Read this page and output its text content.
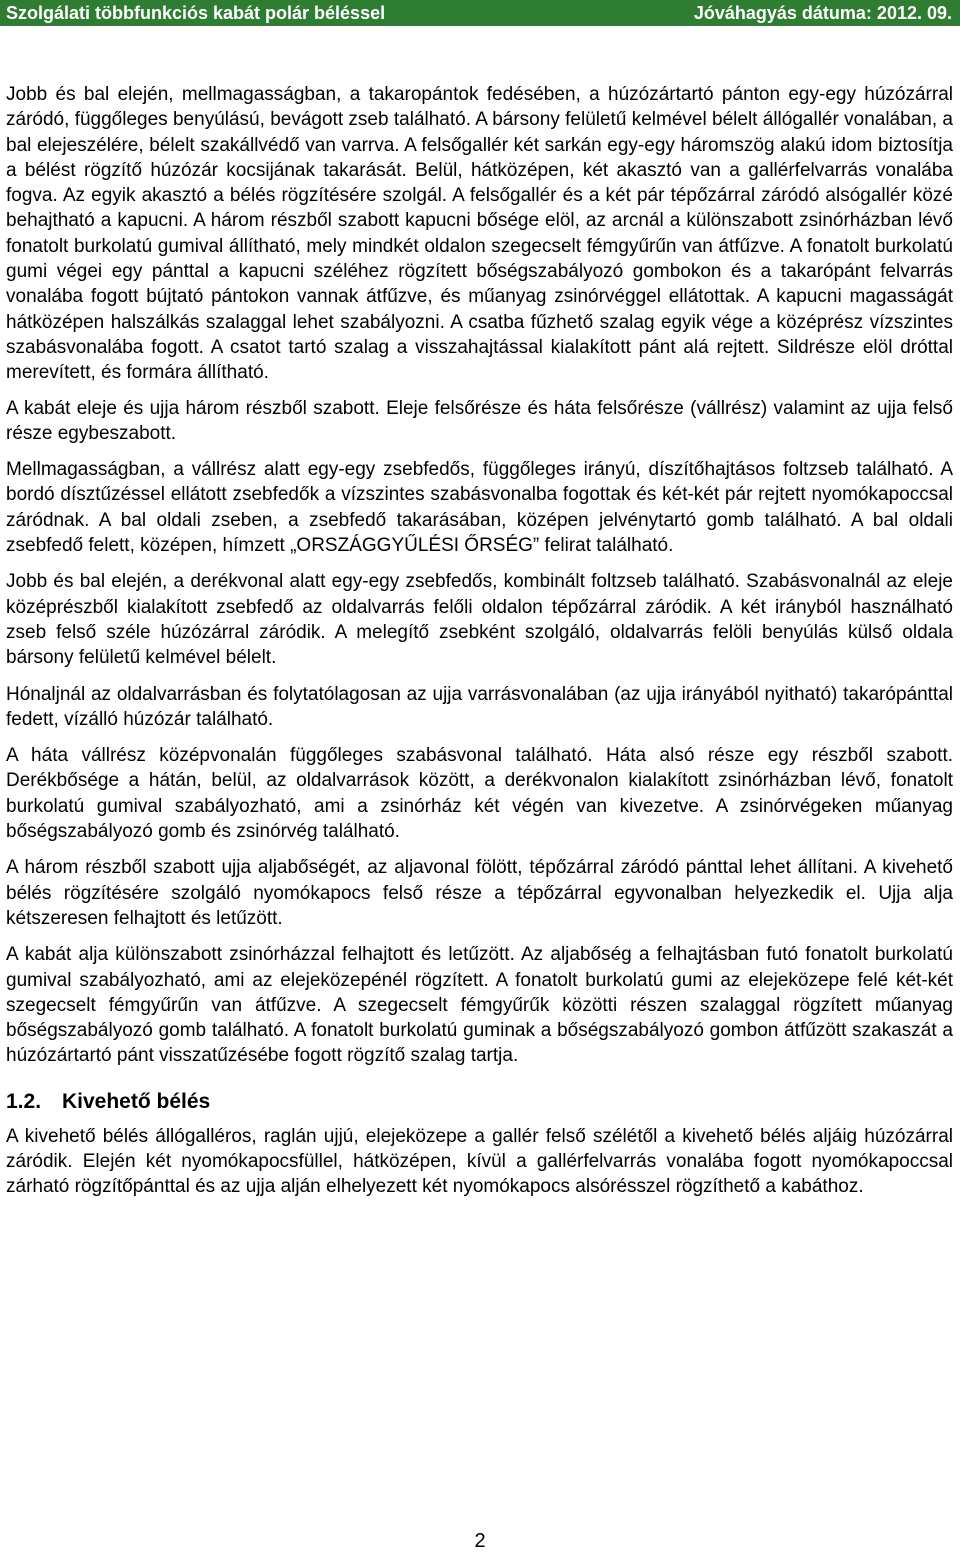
Szolgálati többfunkciós kabát polár béléssel	Jóváhagyás dátuma: 2012. 09.

Jobb és bal elején, mellmagasságban, a takaropántok fedésében, a húzózártartó pánton egy-egy húzózárral záródó, függőleges benyúlású, bevágott zseb található. A bársony felületű kelmével bélelt állógallér vonalában, a bal elejeszélére, bélelt szakállvédő van varrva. A felsőgallér két sarkán egy-egy háromszög alakú idom biztosítja a bélést rögzítő húzózár kocsijának takarását. Belül, hátközépen, két akasztó van a gallérfelvarrás vonalába fogva. Az egyik akasztó a bélés rögzítésére szolgál. A felsőgallér és a két pár tépőzárral záródó alsógallér közé behajtható a kapucni. A három részből szabott kapucni bősége elöl, az arcnál a különszabott zsinórházban lévő fonatolt burkolatú gumival állítható, mely mindkét oldalon szegecselt fémgyűrűn van átfűzve. A fonatolt burkolatú gumi végei egy pánttal a kapucni széléhez rögzített bőségszabályozó gombokon és a takarópánt felvarrás vonalába fogott bújtató pántokon vannak átfűzve, és műanyag zsinórvéggel ellátottak. A kapucni magasságát hátközépen halszálkás szalaggal lehet szabályozni. A csatba fűzhető szalag egyik vége a középrész vízszintes szabásvonalába fogott. A csatot tartó szalag a visszahajtással kialakított pánt alá rejtett. Sildrésze elöl dróttal merevített, és formára állítható.

A kabát eleje és ujja három részből szabott. Eleje felsőrésze és háta felsőrésze (vállrész) valamint az ujja felső része egybeszabott.

Mellmagasságban, a vállrész alatt egy-egy zsebfedős, függőleges irányú, díszítőhajtásos foltzseb található. A bordó dísztűzéssel ellátott zsebfedők a vízszintes szabásvonalba fogottak és két-két pár rejtett nyomókapoccsal záródnak. A bal oldali zseben, a zsebfedő takarásában, középen jelvénytartó gomb található. A bal oldali zsebfedő felett, középen, hímzett „ORSZÁGGYŰLÉSI ŐRSÉG” felirat található.

Jobb és bal elején, a derékvonal alatt egy-egy zsebfedős, kombinált foltzseb található. Szabásvonalnál az eleje középrészből kialakított zsebfedő az oldalvarrás felőli oldalon tépőzárral záródik. A két irányból használható zseb felső széle húzózárral záródik. A melegítő zsebként szolgáló, oldalvarrás felöli benyúlás külső oldala bársony felületű kelmével bélelt.

Hónaljnál az oldalvarrásban és folytatólagosan az ujja varrásvonalában (az ujja irányából nyitható) takarópánttal fedett, vízálló húzózár található.

A háta vállrész középvonalán függőleges szabásvonal található. Háta alsó része egy részből szabott. Derékbősége a hátán, belül, az oldalvarrások között, a derékvonalon kialakított zsinórházban lévő, fonatolt burkolatú gumival szabályozható, ami a zsinórház két végén van kivezetve. A zsinórvégeken műanyag bőségszabályozó gomb és zsinórvég található.

A három részből szabott ujja aljabőségét, az aljavonal fölött, tépőzárral záródó pánttal lehet állítani. A kivehető bélés rögzítésére szolgáló nyomókapocs felső része a tépőzárral egyvonalban helyezkedik el. Ujja alja kétszeresen felhajtott és letűzött.

A kabát alja különszabott zsinórházzal felhajtott és letűzött. Az aljabőség a felhajtásban futó fonatolt burkolatú gumival szabályozható, ami az elejeközepénél rögzített. A fonatolt burkolatú gumi az elejeközepe felé két-két szegecselt fémgyűrűn van átfűzve. A szegecselt fémgyűrűk közötti részen szalaggal rögzített műanyag bőségszabályozó gomb található. A fonatolt burkolatú guminak a bőségszabályozó gombon átfűzött szakaszát a húzózártartó pánt visszatűzésébe fogott rögzítő szalag tartja.

1.2. Kivehető bélés

A kivehető bélés állógalléros, raglán ujjú, elejeközepe a gallér felső szélétől a kivehető bélés aljáig húzózárral záródik. Elején két nyomókapocsfüllel, hátközépen, kívül a gallérfelvarrás vonalába fogott nyomókapoccsal zárható rögzítőpánttal és az ujja alján elhelyezett két nyomókapocs alsórésszel rögzíthető a kabáthoz.

2
